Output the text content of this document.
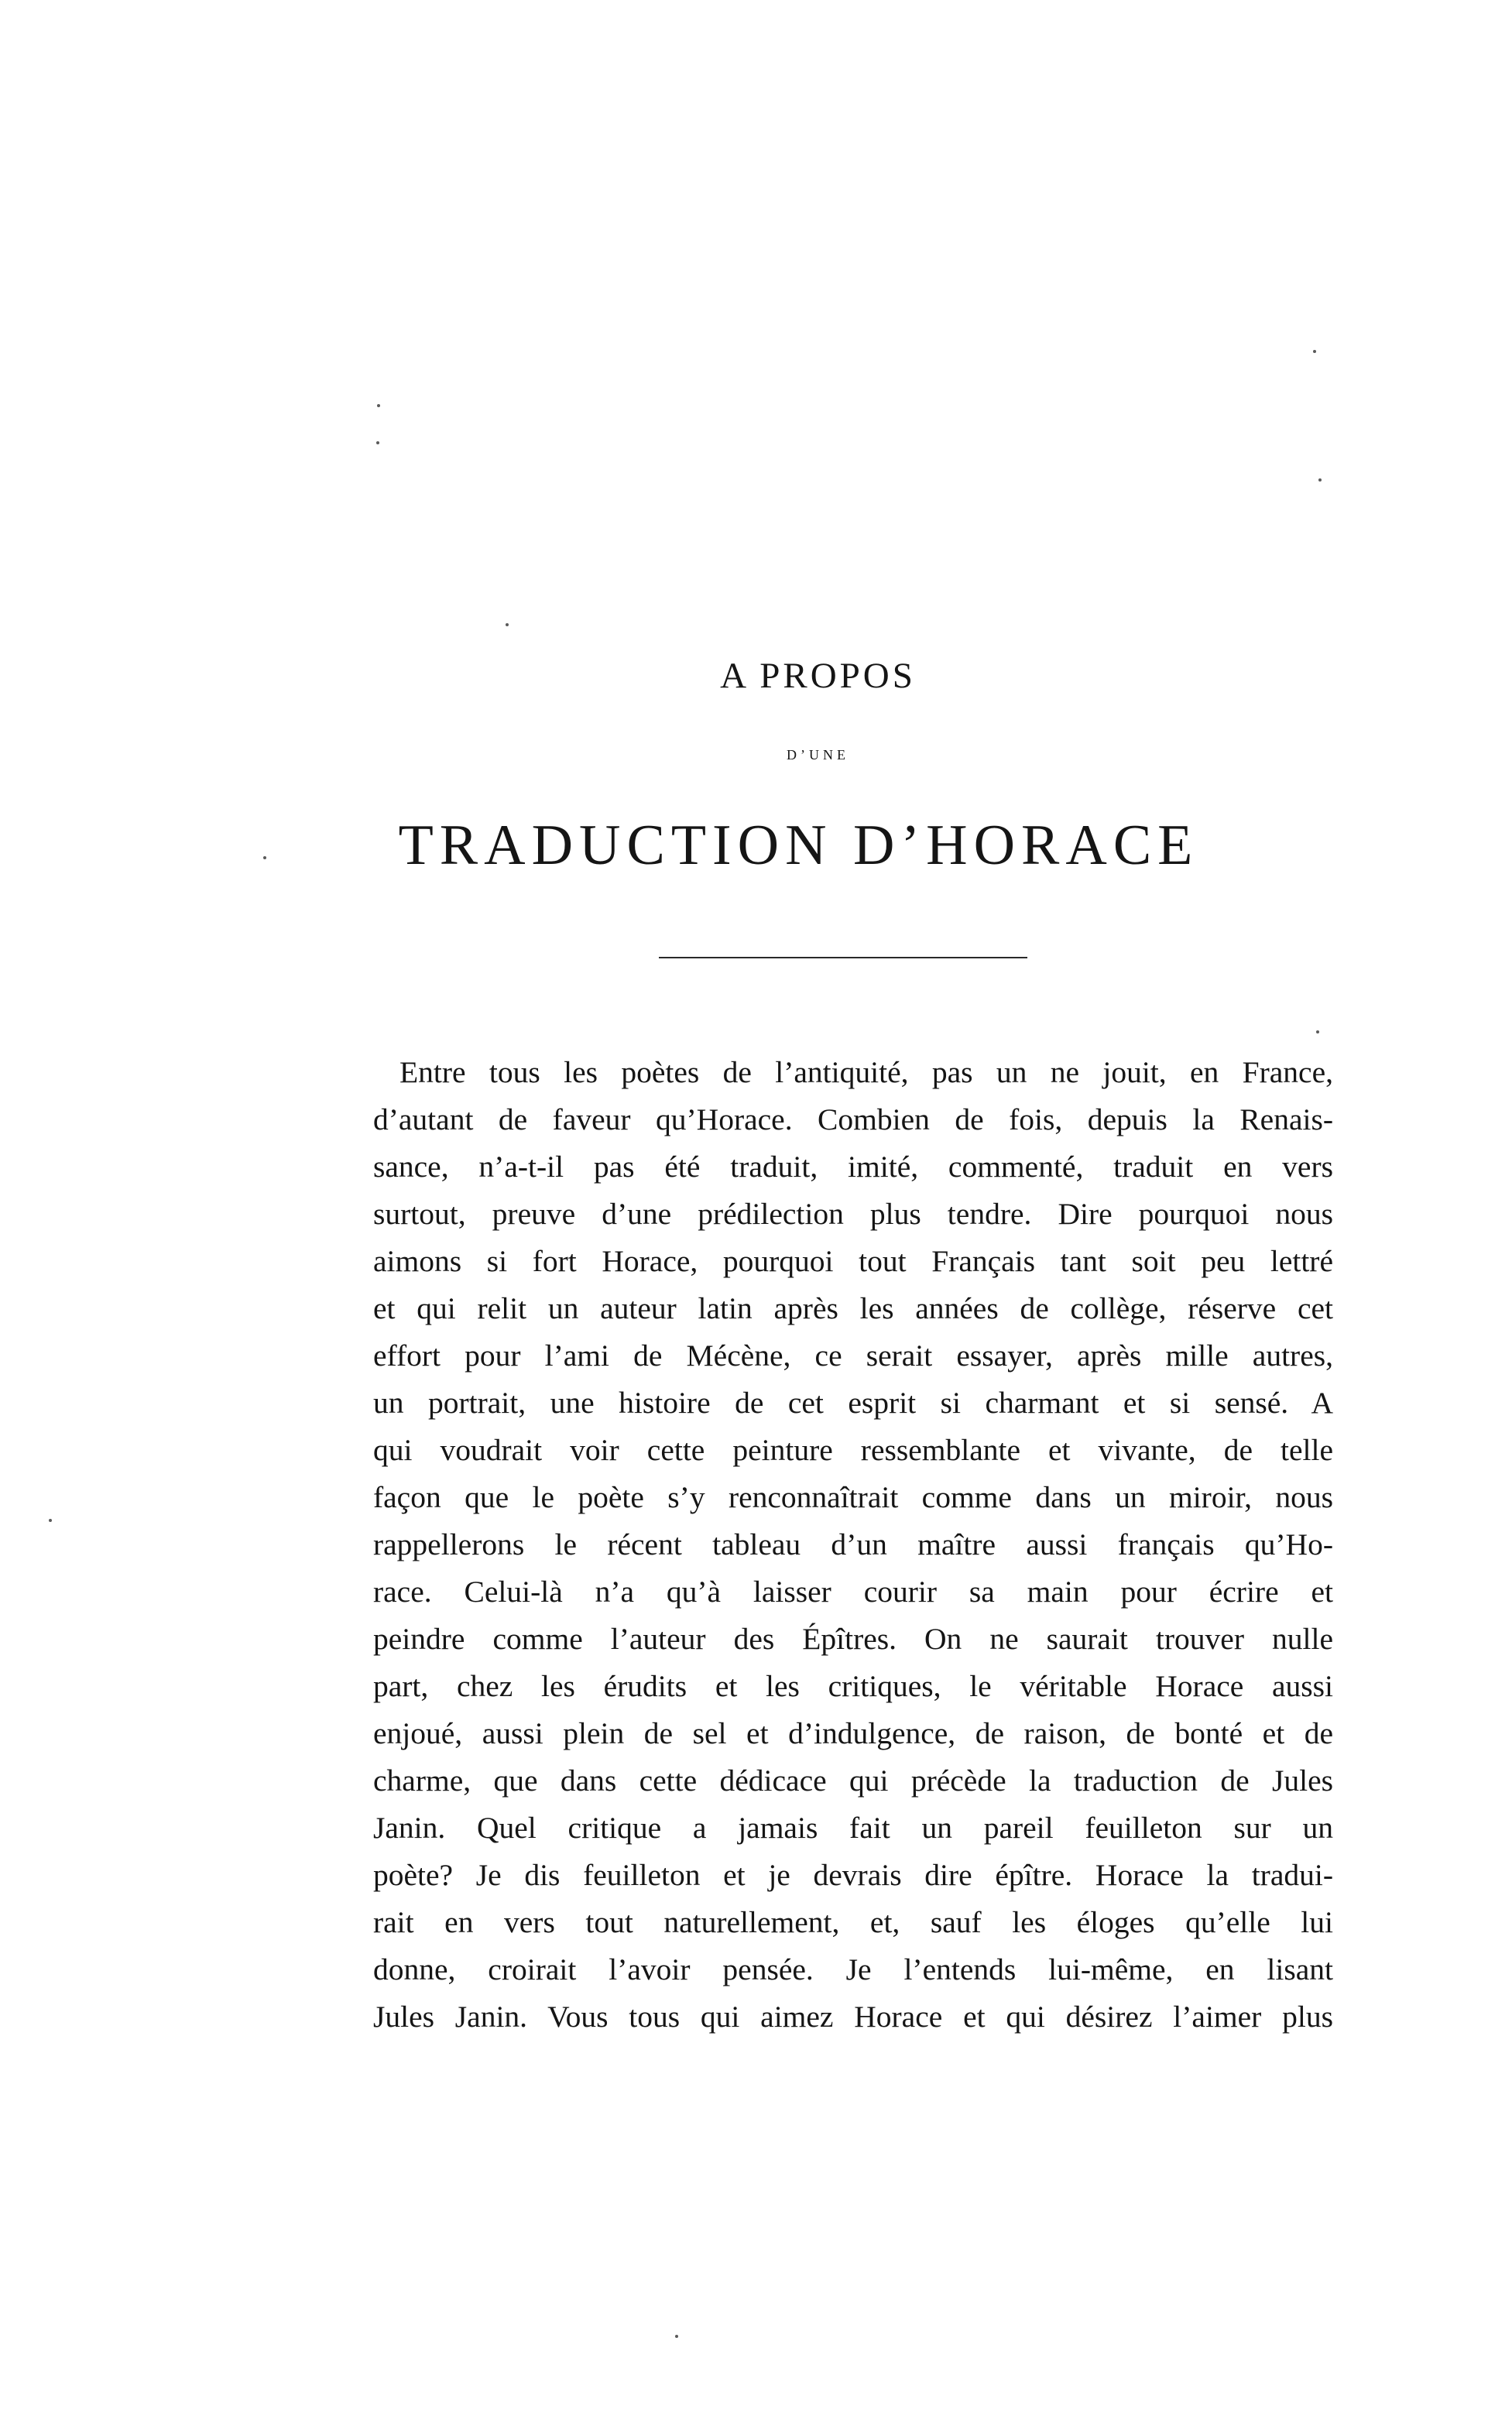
A PROPOS
D’UNE
TRADUCTION D’HORACE
Entre tous les poètes de l’antiquité, pas un ne jouit, en France,
d’autant de faveur qu’Horace. Combien de fois, depuis la Renais-
sance, n’a-t-il pas été traduit, imité, commenté, traduit en vers
surtout, preuve d’une prédilection plus tendre. Dire pourquoi nous
aimons si fort Horace, pourquoi tout Français tant soit peu lettré
et qui relit un auteur latin après les années de collège, réserve cet
effort pour l’ami de Mécène, ce serait essayer, après mille autres,
un portrait, une histoire de cet esprit si charmant et si sensé. A
qui voudrait voir cette peinture ressemblante et vivante, de telle
façon que le poète s’y renconnaîtrait comme dans un miroir, nous
rappellerons le récent tableau d’un maître aussi français qu’Ho-
race. Celui-là n’a qu’à laisser courir sa main pour écrire et
peindre comme l’auteur des Épîtres. On ne saurait trouver nulle
part, chez les érudits et les critiques, le véritable Horace aussi
enjoué, aussi plein de sel et d’indulgence, de raison, de bonté et de
charme, que dans cette dédicace qui précède la traduction de Jules
Janin. Quel critique a jamais fait un pareil feuilleton sur un
poète? Je dis feuilleton et je devrais dire épître. Horace la tradui-
rait en vers tout naturellement, et, sauf les éloges qu’elle lui
donne, croirait l’avoir pensée. Je l’entends lui-même, en lisant
Jules Janin. Vous tous qui aimez Horace et qui désirez l’aimer plus
